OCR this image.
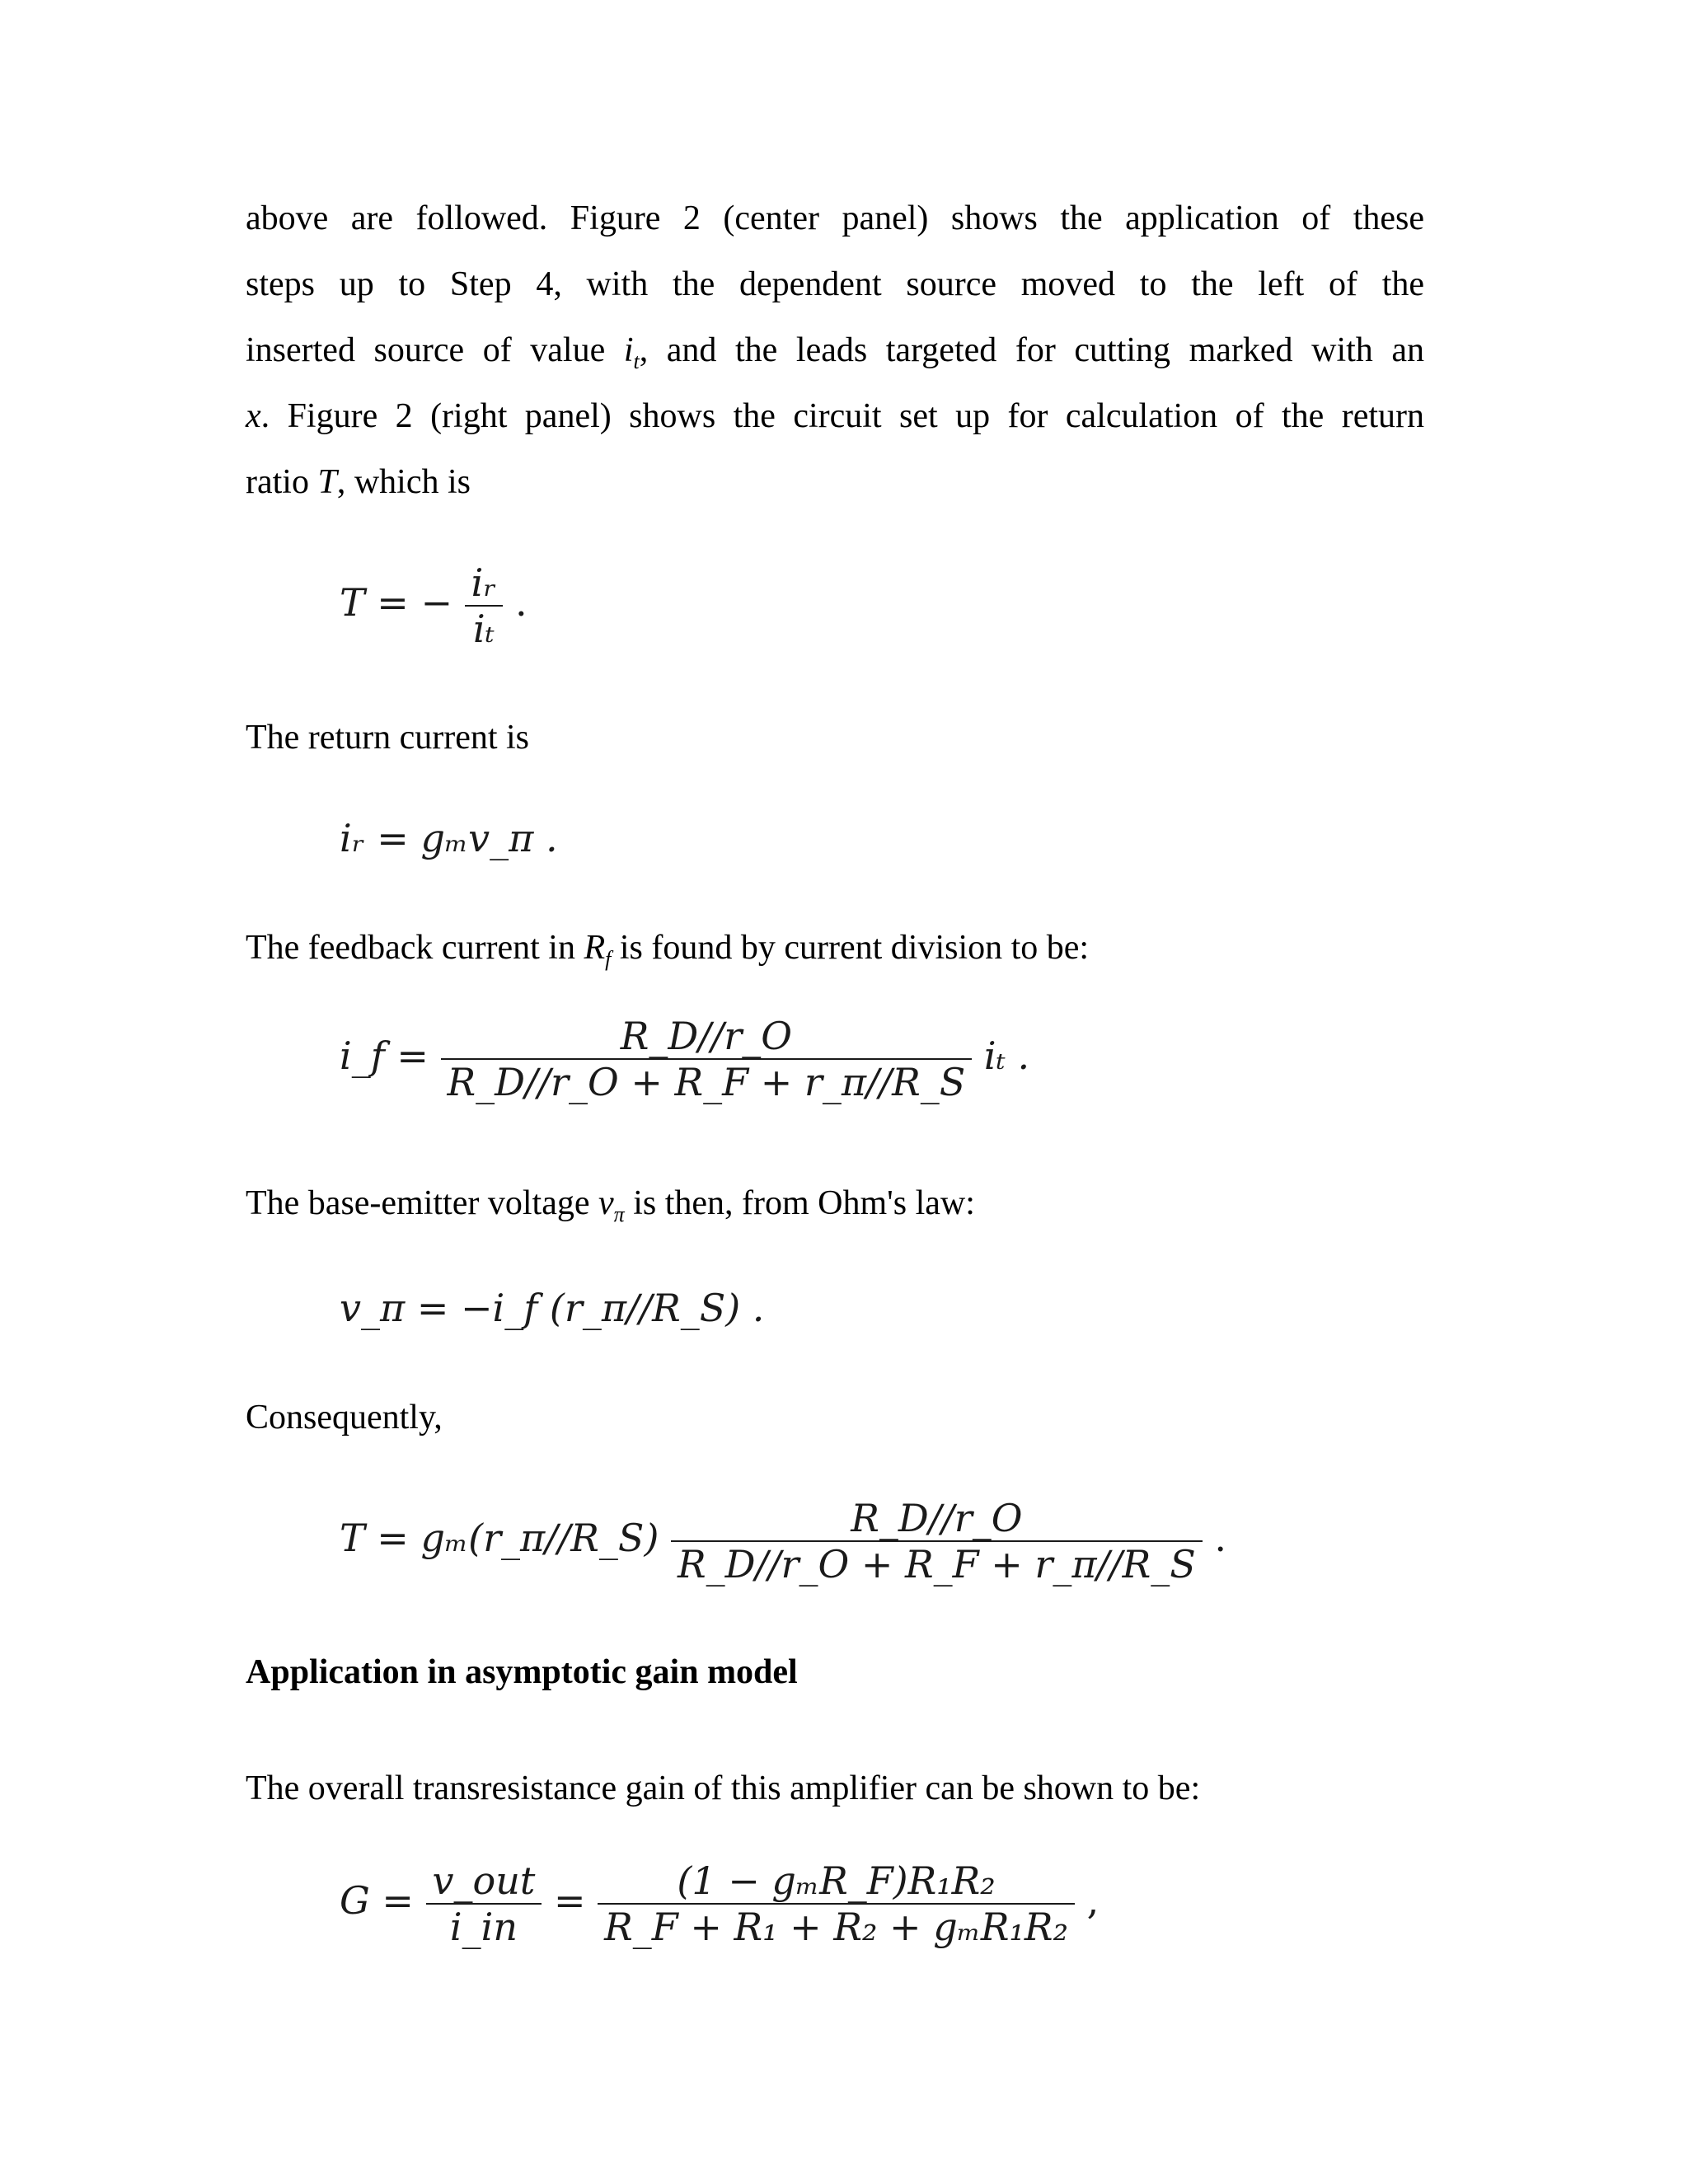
above are followed. Figure 2 (center panel) shows the application of these
steps up to Step 4, with the dependent source moved to the left of the
inserted source of value $i_t$, and the leads targeted for cutting marked with an
x. Figure 2 (right panel) shows the circuit set up for calculation of the return
ratio T, which is
T = − $\frac{\text{iᵣ}}{\text{iₜ}}$ .

The return current is

iᵣ = gₘv_π .

The feedback current in $R_f$ is found by current division to be:

i_f = $\frac{R\_D//r\_O}{R\_D//r\_O + R\_F + r\_\pi//R\_S}$ iₜ .

The base-emitter voltage $v_\pi$ is then, from Ohm's law:

v_π = −i_f (r_π//R_S) .

Consequently,

T = gₘ(r_π//R_S) $\frac{R\_D//r\_O}{R\_D//r\_O + R\_F + r\_\pi//R\_S}$ .
Application in asymptotic gain model

The overall transresistance gain of this amplifier can be shown to be:

$G = \frac{\text{v\_out}}{i\_in} = \frac{\text{(1 − gₘR\_F)R₁R₂}}{\text{R\_F + R₁ + R₂ + gₘR₁R₂}}$ ,
